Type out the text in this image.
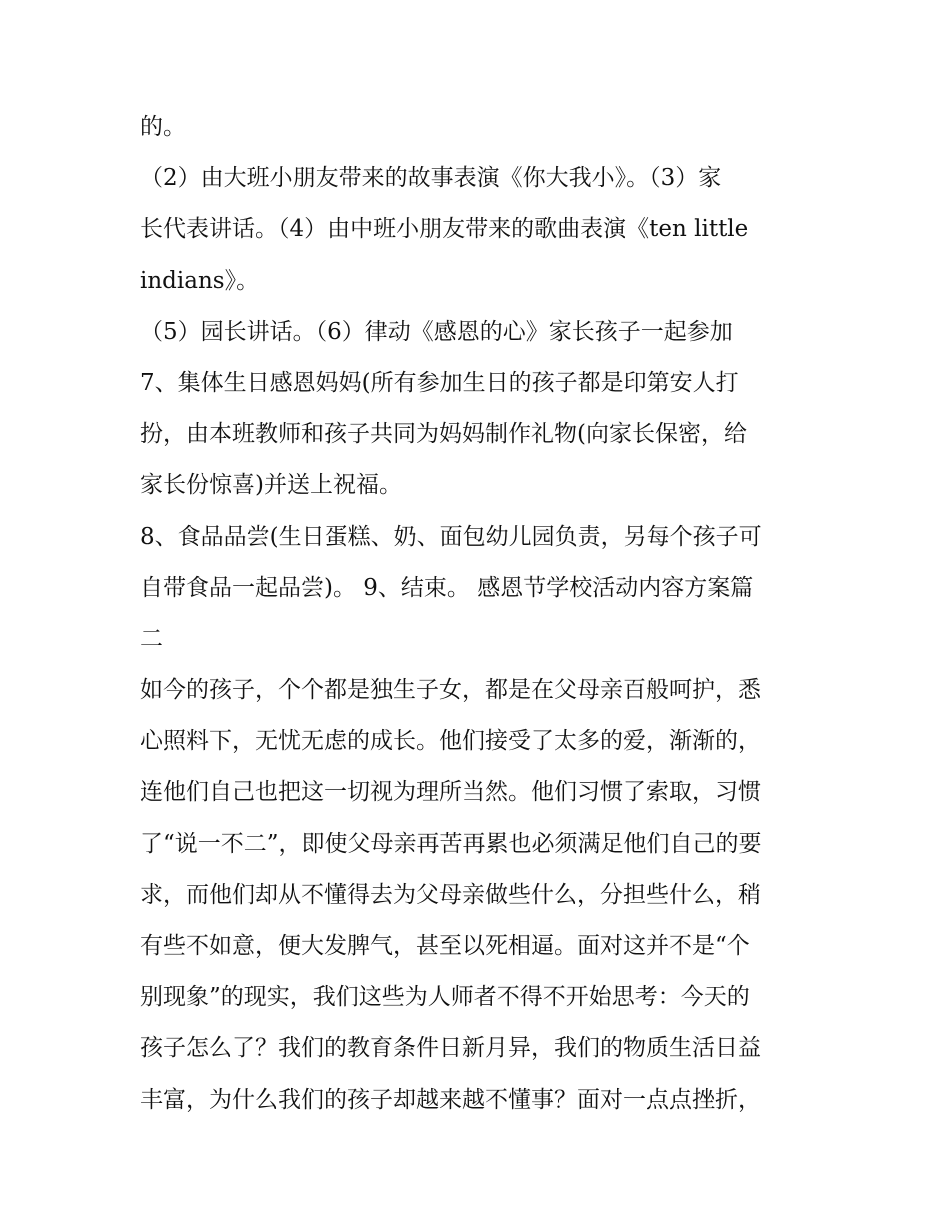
的。
（2）由大班小朋友带来的故事表演《你大我小》。（3）家
长代表讲话。（4）由中班小朋友带来的歌曲表演《ten little
indians》。
（5）园长讲话。（6）律动《感恩的心》家长孩子一起参加
7、集体生日感恩妈妈(所有参加生日的孩子都是印第安人打
扮，由本班教师和孩子共同为妈妈制作礼物(向家长保密，给
家长份惊喜)并送上祝福。
8、食品品尝(生日蛋糕、奶、面包幼儿园负责，另每个孩子可
自带食品一起品尝)。 9、结束。 感恩节学校活动内容方案篇
二
如今的孩子，个个都是独生子女，都是在父母亲百般呵护，悉
心照料下，无忧无虑的成长。他们接受了太多的爱，渐渐的，
连他们自己也把这一切视为理所当然。他们习惯了索取，习惯
了“说一不二”，即使父母亲再苦再累也必须满足他们自己的要
求，而他们却从不懂得去为父母亲做些什么，分担些什么，稍
有些不如意，便大发脾气，甚至以死相逼。面对这并不是“个
别现象”的现实，我们这些为人师者不得不开始思考：今天的
孩子怎么了？我们的教育条件日新月异，我们的物质生活日益
丰富，为什么我们的孩子却越来越不懂事？面对一点点挫折，
